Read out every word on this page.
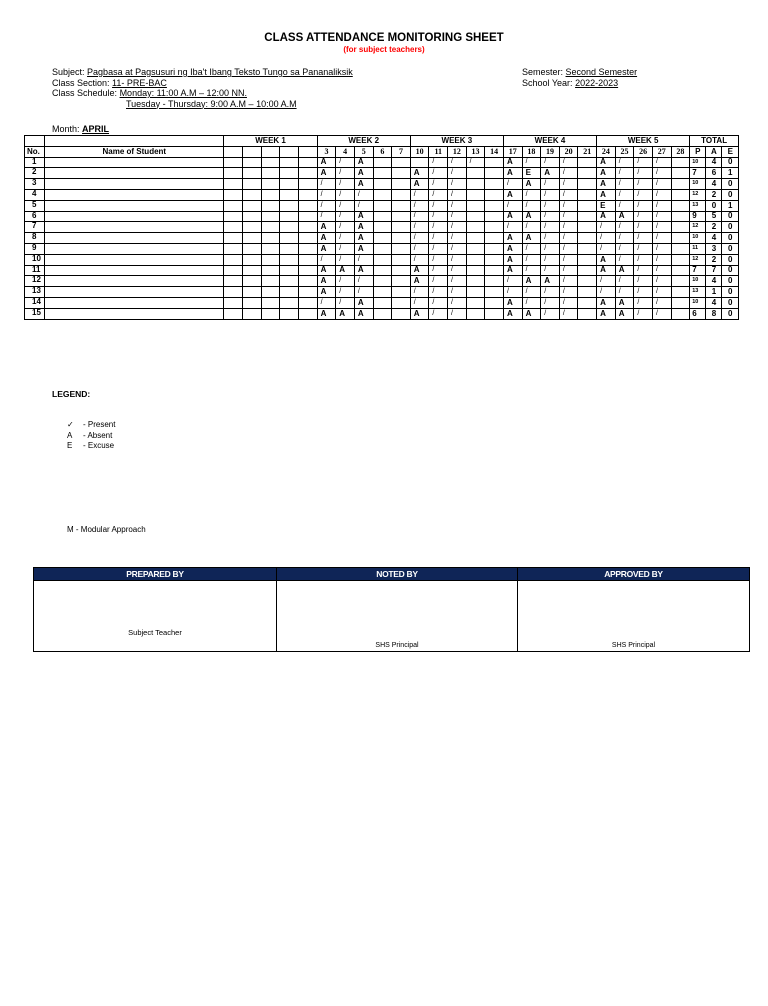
CLASS ATTENDANCE MONITORING SHEET
(for subject teachers)
Subject: Pagbasa at Pagsusuri ng Iba't Ibang Teksto Tungo sa Pananaliksik
Class Section: 11- PRE-BAC
Class Schedule: Monday: 11:00 A.M – 12:00 NN.
Tuesday - Thursday: 9:00 A.M – 10:00 A.M
Semester: Second Semester
School Year: 2022-2023
Month: APRIL
		WEEK 1					WEEK 2					WEEK 3					WEEK 4					WEEK 5					TOTAL		
No.	Name of Student						3	4	5	6	7	10	11	12	13	14	17	18	19	20	21	24	25	26	27	28	P	A	E
1							A	/	A				/	/	/		A	/	/	/		A	/	/	/		10	4	0
2							A	/	A			A	/	/			A	E	A	/		A	/	/	/		7	6	1
3							/	/	A			A	/	/			/	A	/	/		A	/	/	/		10	4	0
4							/	/	/			/	/	/			A	/	/	/		A	/	/	/		12	2	0
5							/	/	/			/	/	/			/	/	/	/		E	/	/	/		13	0	1
6							/	/	A			/	/	/			A	A	/	/		A	A	/	/		9	5	0
7							A	/	A			/	/	/			/	/	/	/		/	/	/	/		12	2	0
8							A	/	A			/	/	/			A	A	/	/		/	/	/	/		10	4	0
9							A	/	A			/	/	/			A	/	/	/		/	/	/	/		11	3	0
10							/	/	/			/	/	/			A	/	/	/		A	/	/	/		12	2	0
11							A	A	A			A	/	/			A	/	/	/		A	A	/	/		7	7	0
12							A	/	/			A	/	/			/	A	A	/		/	/	/	/		10	4	0
13							A	/	/			/	/	/			/	/	/	/		/	/	/	/		13	1	0
14							/	/	A			/	/	/			A	/	/	/		A	A	/	/		10	4	0
15							A	A	A			A	/	/			A	A	/	/		A	A	/	/		6	8	0
LEGEND:
✓ - Present
A - Absent
E - Excuse
M - Modular Approach
PREPARED BY	NOTED BY	APPROVED BY

Subject Teacher	SHS Principal	SHS Principal
